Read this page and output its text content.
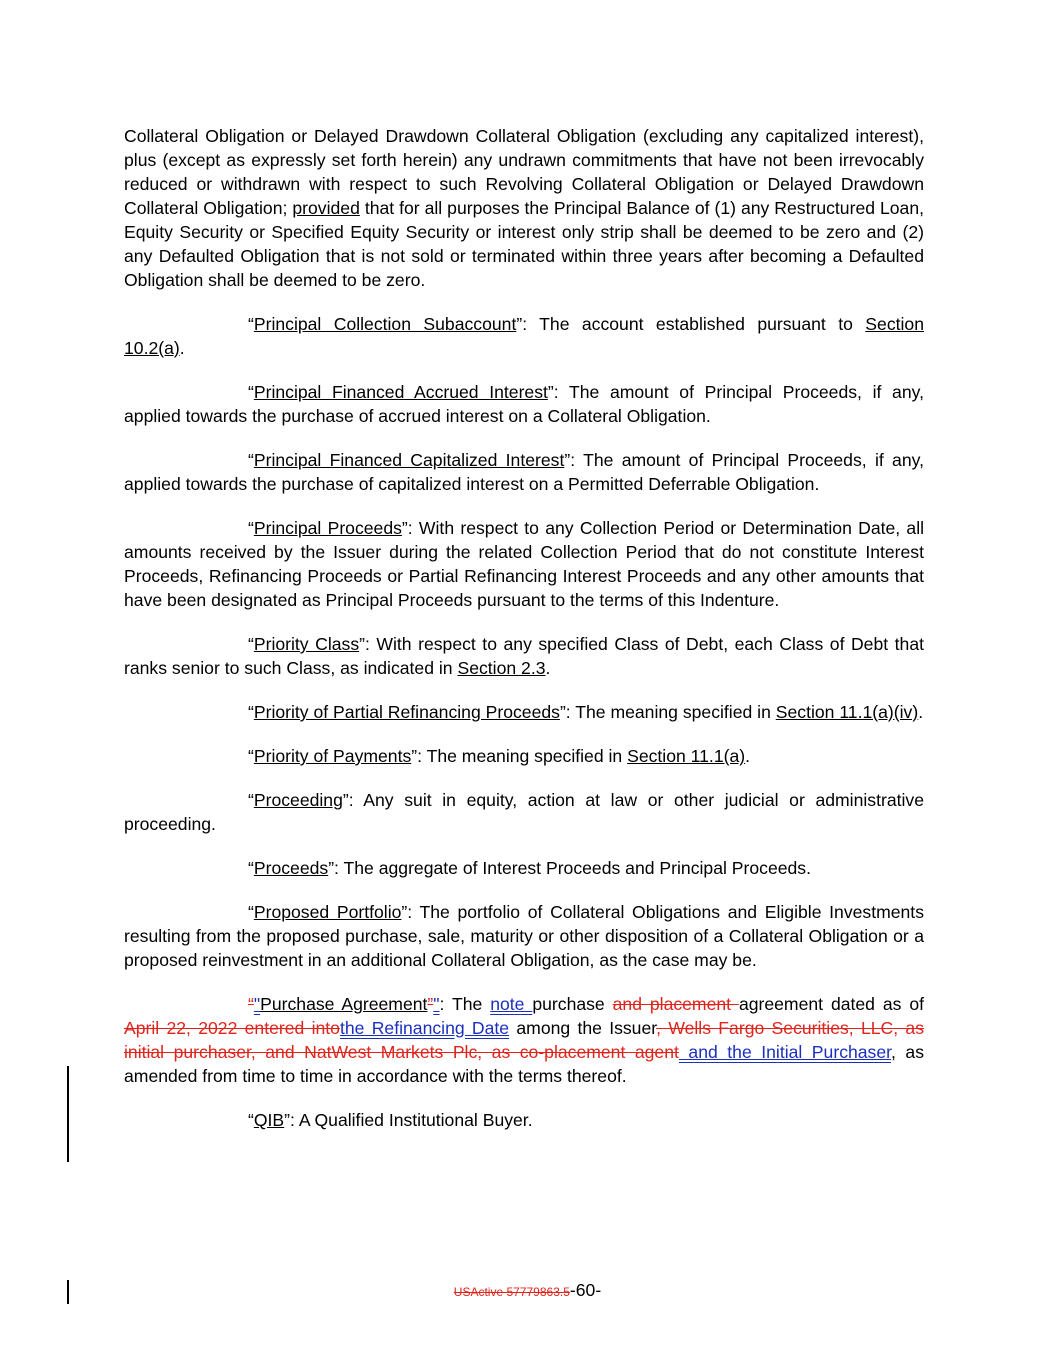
Collateral Obligation or Delayed Drawdown Collateral Obligation (excluding any capitalized interest), plus (except as expressly set forth herein) any undrawn commitments that have not been irrevocably reduced or withdrawn with respect to such Revolving Collateral Obligation or Delayed Drawdown Collateral Obligation; provided that for all purposes the Principal Balance of (1) any Restructured Loan, Equity Security or Specified Equity Security or interest only strip shall be deemed to be zero and (2) any Defaulted Obligation that is not sold or terminated within three years after becoming a Defaulted Obligation shall be deemed to be zero.

“Principal Collection Subaccount”: The account established pursuant to Section 10.2(a).

“Principal Financed Accrued Interest”: The amount of Principal Proceeds, if any, applied towards the purchase of accrued interest on a Collateral Obligation.

“Principal Financed Capitalized Interest”: The amount of Principal Proceeds, if any, applied towards the purchase of capitalized interest on a Permitted Deferrable Obligation.

“Principal Proceeds”: With respect to any Collection Period or Determination Date, all amounts received by the Issuer during the related Collection Period that do not constitute Interest Proceeds, Refinancing Proceeds or Partial Refinancing Interest Proceeds and any other amounts that have been designated as Principal Proceeds pursuant to the terms of this Indenture.

“Priority Class”: With respect to any specified Class of Debt, each Class of Debt that ranks senior to such Class, as indicated in Section 2.3.

“Priority of Partial Refinancing Proceeds”: The meaning specified in Section 11.1(a)(iv).

“Priority of Payments”: The meaning specified in Section 11.1(a).

“Proceeding”: Any suit in equity, action at law or other judicial or administrative proceeding.

“Proceeds”: The aggregate of Interest Proceeds and Principal Proceeds.

“Proposed Portfolio”: The portfolio of Collateral Obligations and Eligible Investments resulting from the proposed purchase, sale, maturity or other disposition of a Collateral Obligation or a proposed reinvestment in an additional Collateral Obligation, as the case may be.

“"Purchase Agreement”": The note purchase and placement agreement dated as of April 22, 2022 entered intothe Refinancing Date among the Issuer, Wells Fargo Securities, LLC, as initial purchaser, and NatWest Markets Plc, as co-placement agent and the Initial Purchaser, as amended from time to time in accordance with the terms thereof.

“QIB”: A Qualified Institutional Buyer.

USActive 57779863.5-60-
